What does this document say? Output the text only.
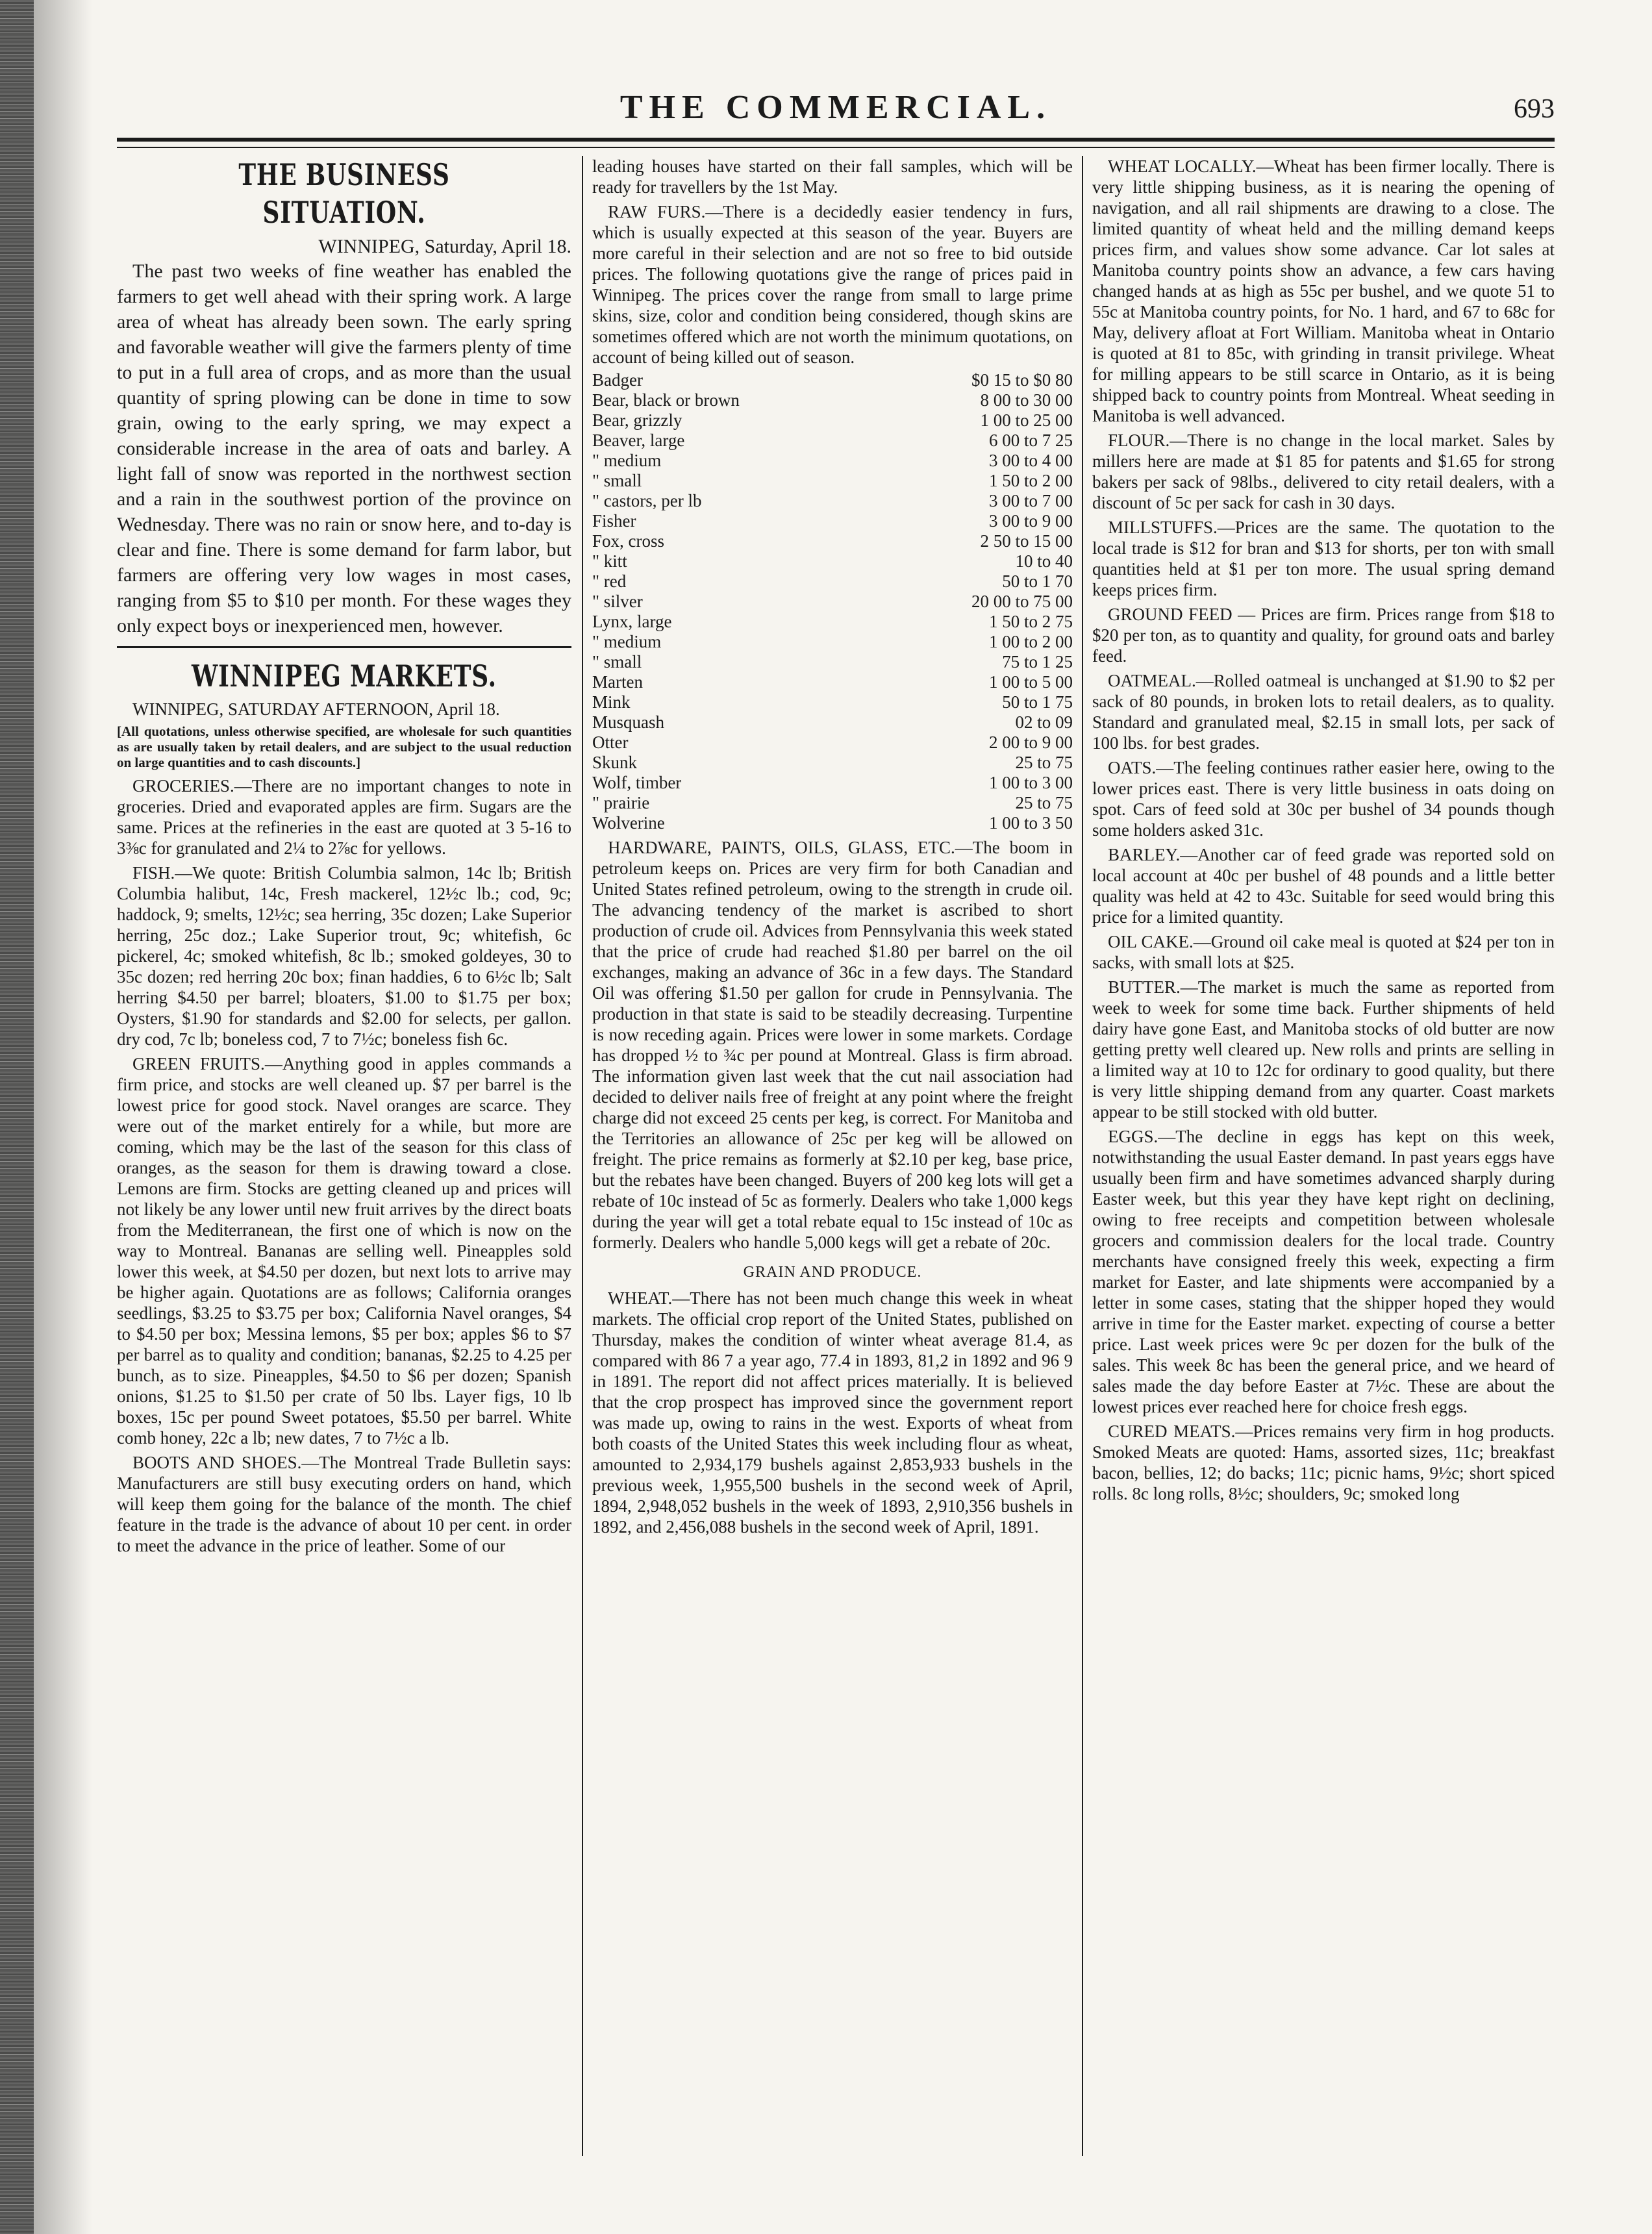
THE COMMERCIAL.	693
THE BUSINESS SITUATION.

WINNIPEG, Saturday, April 18.

The past two weeks of fine weather has enabled the farmers to get well ahead with their spring work. A large area of wheat has already been sown. The early spring and favorable weather will give the farmers plenty of time to put in a full area of crops, and as more than the usual quantity of spring plowing can be done in time to sow grain, owing to the early spring, we may expect a considerable increase in the area of oats and barley. A light fall of snow was reported in the northwest section and a rain in the southwest portion of the province on Wednesday. There was no rain or snow here, and to-day is clear and fine. There is some demand for farm labor, but farmers are offering very low wages in most cases, ranging from $5 to $10 per month. For these wages they only expect boys or inexperienced men, however.

WINNIPEG MARKETS.

WINNIPEG, SATURDAY AFTERNOON, April 18.

[All quotations, unless otherwise specified, are wholesale for such quantities as are usually taken by retail dealers, and are subject to the usual reduction on large quantities and to cash discounts.]

GROCERIES.—There are no important changes to note in groceries. Dried and evaporated apples are firm. Sugars are the same. Prices at the refineries in the east are quoted at 3 5-16 to 3⅜c for granulated and 2¼ to 2⅞c for yellows.

FISH.—We quote: British Columbia salmon, 14c lb; British Columbia halibut, 14c, Fresh mackerel, 12½c lb.; cod, 9c; haddock, 9; smelts, 12½c; sea herring, 35c dozen; Lake Superior herring, 25c doz.; Lake Superior trout, 9c; whitefish, 6c pickerel, 4c; smoked whitefish, 8c lb.; smoked goldeyes, 30 to 35c dozen; red herring 20c box; finan haddies, 6 to 6½c lb; Salt herring $4.50 per barrel; bloaters, $1.00 to $1.75 per box; Oysters, $1.90 for standards and $2.00 for selects, per gallon. dry cod, 7c lb; boneless cod, 7 to 7½c; boneless fish 6c.

GREEN FRUITS.—Anything good in apples commands a firm price, and stocks are well cleaned up. $7 per barrel is the lowest price for good stock. Navel oranges are scarce. They were out of the market entirely for a while, but more are coming, which may be the last of the season for this class of oranges, as the season for them is drawing toward a close. Lemons are firm. Stocks are getting cleaned up and prices will not likely be any lower until new fruit arrives by the direct boats from the Mediterranean, the first one of which is now on the way to Montreal. Bananas are selling well. Pineapples sold lower this week, at $4.50 per dozen, but next lots to arrive may be higher again. Quotations are as follows; California oranges seedlings, $3.25 to $3.75 per box; California Navel oranges, $4 to $4.50 per box; Messina lemons, $5 per box; apples $6 to $7 per barrel as to quality and condition; bananas, $2.25 to 4.25 per bunch, as to size. Pineapples, $4.50 to $6 per dozen; Spanish onions, $1.25 to $1.50 per crate of 50 lbs. Layer figs, 10 lb boxes, 15c per pound Sweet potatoes, $5.50 per barrel. White comb honey, 22c a lb; new dates, 7 to 7½c a lb.

BOOTS AND SHOES.—The Montreal Trade Bulletin says: Manufacturers are still busy executing orders on hand, which will keep them going for the balance of the month. The chief feature in the trade is the advance of about 10 per cent. in order to meet the advance in the price of leather. Some of our

leading houses have started on their fall samples, which will be ready for travellers by the 1st May.

RAW FURS.—There is a decidedly easier tendency in furs, which is usually expected at this season of the year. Buyers are more careful in their selection and are not so free to bid outside prices. The following quotations give the range of prices paid in Winnipeg. The prices cover the range from small to large prime skins, size, color and condition being considered, though skins are sometimes offered which are not worth the minimum quotations, on account of being killed out of season.

Badger	$0 15 to $0 80
Bear, black or brown	8 00 to 30 00
Bear, grizzly	1 00 to 25 00
Beaver, large	6 00 to 7 25
" medium	3 00 to 4 00
" small	1 50 to 2 00
" castors, per lb	3 00 to 7 00
Fisher	3 00 to 9 00
Fox, cross	2 50 to 15 00
" kitt	10 to 40
" red	50 to 1 70
" silver	20 00 to 75 00
Lynx, large	1 50 to 2 75
" medium	1 00 to 2 00
" small	75 to 1 25
Marten	1 00 to 5 00
Mink	50 to 1 75
Musquash	02 to 09
Otter	2 00 to 9 00
Skunk	25 to 75
Wolf, timber	1 00 to 3 00
" prairie	25 to 75
Wolverine	1 00 to 3 50

HARDWARE, PAINTS, OILS, GLASS, ETC.—The boom in petroleum keeps on. Prices are very firm for both Canadian and United States refined petroleum, owing to the strength in crude oil. The advancing tendency of the market is ascribed to short production of crude oil. Advices from Pennsylvania this week stated that the price of crude had reached $1.80 per barrel on the oil exchanges, making an advance of 36c in a few days. The Standard Oil was offering $1.50 per gallon for crude in Pennsylvania. The production in that state is said to be steadily decreasing. Turpentine is now receding again. Prices were lower in some markets. Cordage has dropped ½ to ¾c per pound at Montreal. Glass is firm abroad. The information given last week that the cut nail association had decided to deliver nails free of freight at any point where the freight charge did not exceed 25 cents per keg, is correct. For Manitoba and the Territories an allowance of 25c per keg will be allowed on freight. The price remains as formerly at $2.10 per keg, base price, but the rebates have been changed. Buyers of 200 keg lots will get a rebate of 10c instead of 5c as formerly. Dealers who take 1,000 kegs during the year will get a total rebate equal to 15c instead of 10c as formerly. Dealers who handle 5,000 kegs will get a rebate of 20c.

GRAIN AND PRODUCE.

WHEAT.—There has not been much change this week in wheat markets. The official crop report of the United States, published on Thursday, makes the condition of winter wheat average 81.4, as compared with 86 7 a year ago, 77.4 in 1893, 81,2 in 1892 and 96 9 in 1891. The report did not affect prices materially. It is believed that the crop prospect has improved since the government report was made up, owing to rains in the west. Exports of wheat from both coasts of the United States this week including flour as wheat, amounted to 2,934,179 bushels against 2,853,933 bushels in the previous week, 1,955,500 bushels in the second week of April, 1894, 2,948,052 bushels in the week of 1893, 2,910,356 bushels in 1892, and 2,456,088 bushels in the second week of April, 1891.

WHEAT LOCALLY.—Wheat has been firmer locally. There is very little shipping business, as it is nearing the opening of navigation, and all rail shipments are drawing to a close. The limited quantity of wheat held and the milling demand keeps prices firm, and values show some advance. Car lot sales at Manitoba country points show an advance, a few cars having changed hands at as high as 55c per bushel, and we quote 51 to 55c at Manitoba country points, for No. 1 hard, and 67 to 68c for May, delivery afloat at Fort William. Manitoba wheat in Ontario is quoted at 81 to 85c, with grinding in transit privilege. Wheat for milling appears to be still scarce in Ontario, as it is being shipped back to country points from Montreal. Wheat seeding in Manitoba is well advanced.

FLOUR.—There is no change in the local market. Sales by millers here are made at $1 85 for patents and $1.65 for strong bakers per sack of 98lbs., delivered to city retail dealers, with a discount of 5c per sack for cash in 30 days.

MILLSTUFFS.—Prices are the same. The quotation to the local trade is $12 for bran and $13 for shorts, per ton with small quantities held at $1 per ton more. The usual spring demand keeps prices firm.

GROUND FEED — Prices are firm. Prices range from $18 to $20 per ton, as to quantity and quality, for ground oats and barley feed.

OATMEAL.—Rolled oatmeal is unchanged at $1.90 to $2 per sack of 80 pounds, in broken lots to retail dealers, as to quality. Standard and granulated meal, $2.15 in small lots, per sack of 100 lbs. for best grades.

OATS.—The feeling continues rather easier here, owing to the lower prices east. There is very little business in oats doing on spot. Cars of feed sold at 30c per bushel of 34 pounds though some holders asked 31c.

BARLEY.—Another car of feed grade was reported sold on local account at 40c per bushel of 48 pounds and a little better quality was held at 42 to 43c. Suitable for seed would bring this price for a limited quantity.

OIL CAKE.—Ground oil cake meal is quoted at $24 per ton in sacks, with small lots at $25.

BUTTER.—The market is much the same as reported from week to week for some time back. Further shipments of held dairy have gone East, and Manitoba stocks of old butter are now getting pretty well cleared up. New rolls and prints are selling in a limited way at 10 to 12c for ordinary to good quality, but there is very little shipping demand from any quarter. Coast markets appear to be still stocked with old butter.

EGGS.—The decline in eggs has kept on this week, notwithstanding the usual Easter demand. In past years eggs have usually been firm and have sometimes advanced sharply during Easter week, but this year they have kept right on declining, owing to free receipts and competition between wholesale grocers and commission dealers for the local trade. Country merchants have consigned freely this week, expecting a firm market for Easter, and late shipments were accompanied by a letter in some cases, stating that the shipper hoped they would arrive in time for the Easter market. expecting of course a better price. Last week prices were 9c per dozen for the bulk of the sales. This week 8c has been the general price, and we heard of sales made the day before Easter at 7½c. These are about the lowest prices ever reached here for choice fresh eggs.

CURED MEATS.—Prices remains very firm in hog products. Smoked Meats are quoted: Hams, assorted sizes, 11c; breakfast bacon, bellies, 12; do backs; 11c; picnic hams, 9½c; short spiced rolls. 8c long rolls, 8½c; shoulders, 9c; smoked long
